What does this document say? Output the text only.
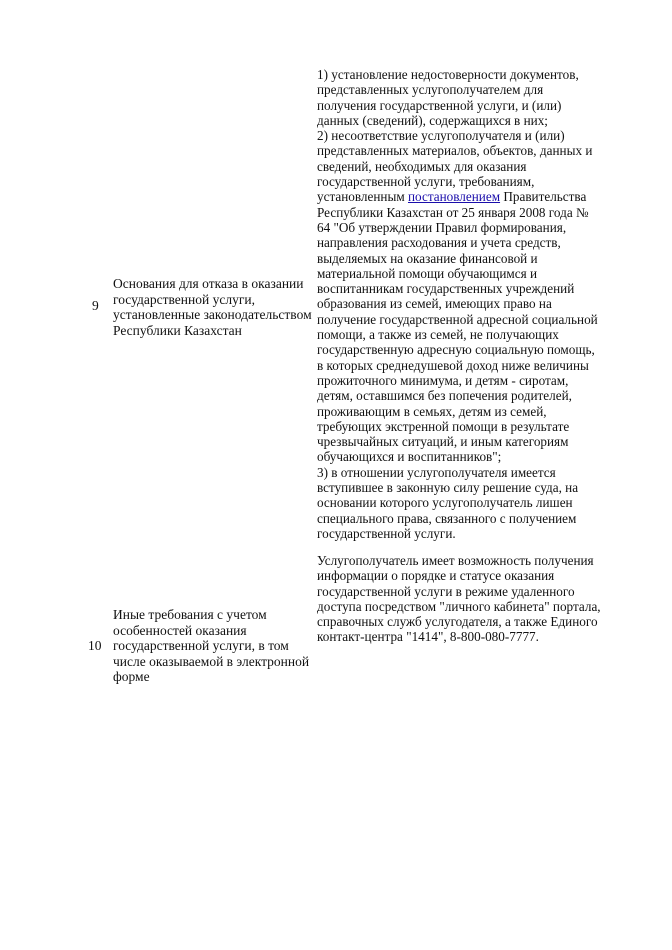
9
Основания для отказа в оказании
государственной услуги,
установленные законодательством
Республики Казахстан
1) установление недостоверности документов,
представленных услугополучателем для
получения государственной услуги, и (или)
данных (сведений), содержащихся в них;
2) несоответствие услугополучателя и (или)
представленных материалов, объектов, данных и
сведений, необходимых для оказания
государственной услуги, требованиям,
установленным постановлением Правительства
Республики Казахстан от 25 января 2008 года №
64 "Об утверждении Правил формирования,
направления расходования и учета средств,
выделяемых на оказание финансовой и
материальной помощи обучающимся и
воспитанникам государственных учреждений
образования из семей, имеющих право на
получение государственной адресной социальной
помощи, а также из семей, не получающих
государственную адресную социальную помощь,
в которых среднедушевой доход ниже величины
прожиточного минимума, и детям - сиротам,
детям, оставшимся без попечения родителей,
проживающим в семьях, детям из семей,
требующих экстренной помощи в результате
чрезвычайных ситуаций, и иным категориям
обучающихся и воспитанников";
3) в отношении услугополучателя имеется
вступившее в законную силу решение суда, на
основании которого услугополучатель лишен
специального права, связанного с получением
государственной услуги.
10
Иные требования с учетом
особенностей оказания
государственной услуги, в том
числе оказываемой в электронной
форме
Услугополучатель имеет возможность получения
информации о порядке и статусе оказания
государственной услуги в режиме удаленного
доступа посредством "личного кабинета" портала,
справочных служб услугодателя, а также Единого
контакт-центра "1414", 8-800-080-7777.
